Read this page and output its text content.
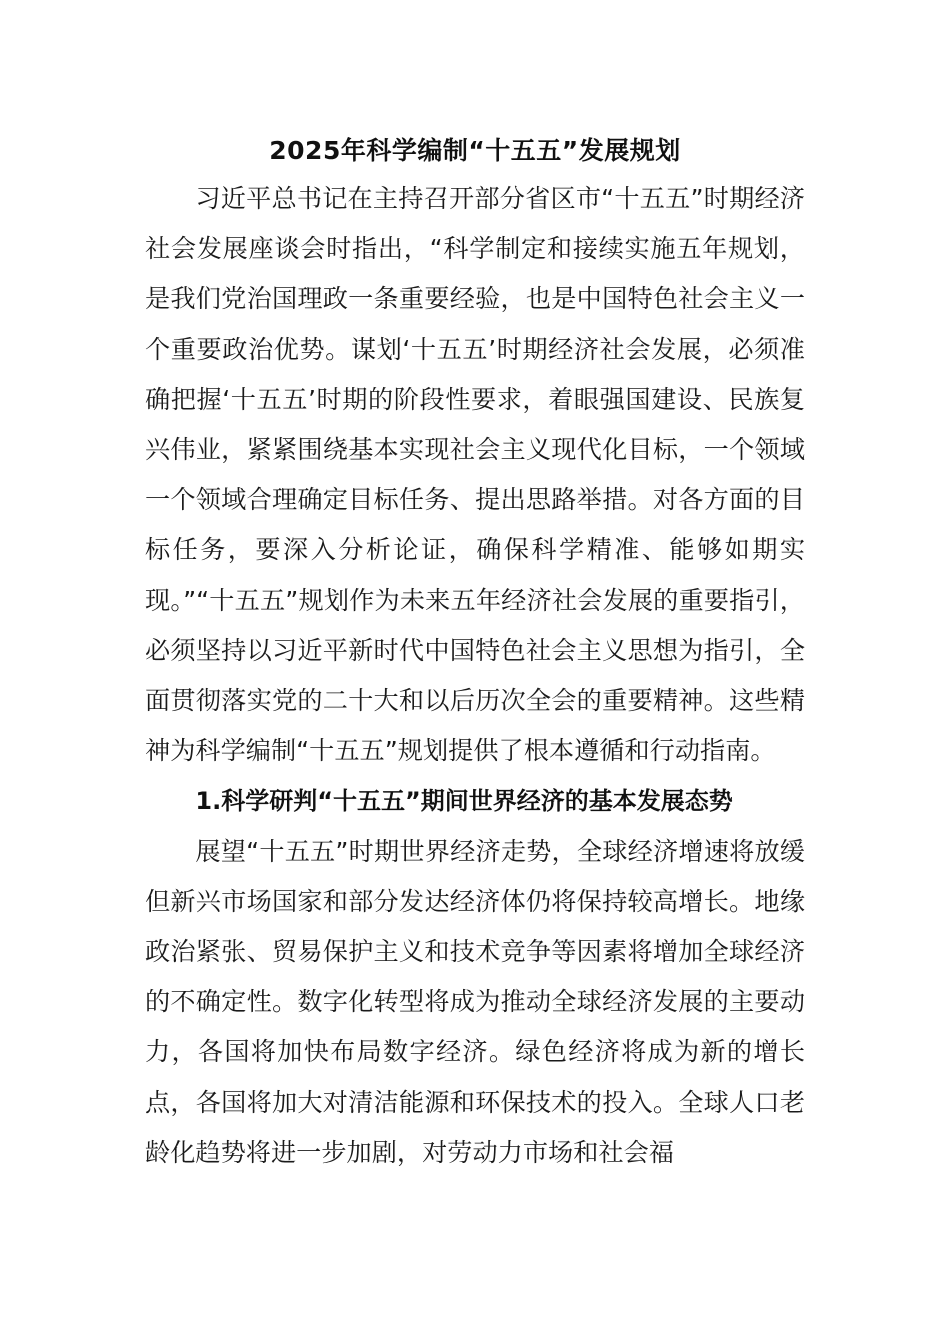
2025年科学编制“十五五”发展规划

习近平总书记在主持召开部分省区市“十五五”时期经济社会发展座谈会时指出，“科学制定和接续实施五年规划，是我们党治国理政一条重要经验，也是中国特色社会主义一个重要政治优势。谋划‘十五五’时期经济社会发展，必须准确把握‘十五五’时期的阶段性要求，着眼强国建设、民族复兴伟业，紧紧围绕基本实现社会主义现代化目标，一个领域一个领域合理确定目标任务、提出思路举措。对各方面的目标任务，要深入分析论证，确保科学精准、能够如期实现。”“十五五”规划作为未来五年经济社会发展的重要指引，必须坚持以习近平新时代中国特色社会主义思想为指引，全面贯彻落实党的二十大和以后历次全会的重要精神。这些精神为科学编制“十五五”规划提供了根本遵循和行动指南。

1.科学研判“十五五”期间世界经济的基本发展态势

展望“十五五”时期世界经济走势，全球经济增速将放缓但新兴市场国家和部分发达经济体仍将保持较高增长。地缘政治紧张、贸易保护主义和技术竞争等因素将增加全球经济的不确定性。数字化转型将成为推动全球经济发展的主要动力，各国将加快布局数字经济。绿色经济将成为新的增长点，各国将加大对清洁能源和环保技术的投入。全球人口老龄化趋势将进一步加剧，对劳动力市场和社会福
